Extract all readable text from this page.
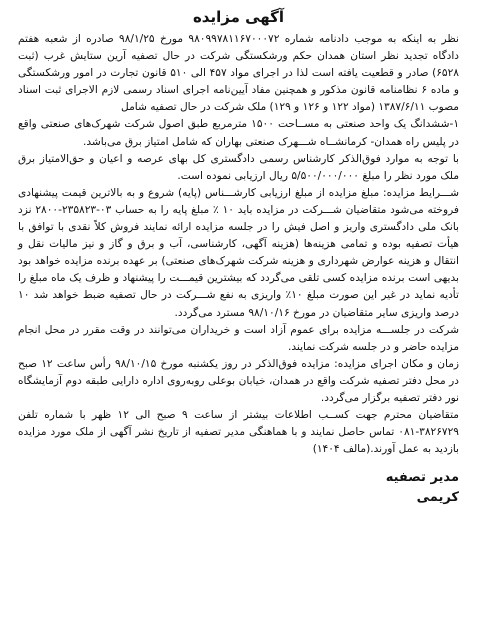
آگهی مزایده

نظر به اینکه به موجب دادنامه شماره ۹۸۰۹۹۷۸۱۱۶۷۰۰۰۷۲ مورخ ۹۸/۱/۲۵ صادره از شعبه هفتم دادگاه تجدید نظر استان همدان حکم ورشکستگی شرکت در حال تصفیه آرین ستایش غرب (ثبت ۶۵۲۸) صادر و قطعیت یافته است لذا در اجرای مواد ۴۵۷ الی ۵۱۰ قانون تجارت در امور ورشکستگی و ماده ۶ نظامنامه قانون مذکور و همچنین مفاد آیین‌نامه اجرای اسناد رسمی لازم الاجرای ثبت اسناد مصوب ۱۳۸۷/۶/۱۱ (مواد ۱۲۲ و ۱۲۶ و ۱۲۹) ملک شرکت در حال تصفیه شامل

۱-ششدانگ یک واحد صنعتی به مســاحت ۱۵۰۰ مترمربع طبق اصول شرکت شهرک‌های صنعتی واقع در پلیس راه همدان- کرمانشــاه شـــهرک صنعتی بهاران که شامل امتیاز برق می‌باشد.

با توجه به موارد فوق‌الذکر کارشناس رسمی دادگستری کل بهای عرصه و اعیان و حق‌الامتیاز برق ملک مورد نظر را مبلغ ۵/۵۰۰/۰۰۰/۰۰۰ ریال ارزیابی نموده است.

شـــرایط مزایده: مبلغ مزایده از مبلغ ارزیابی کارشـــناس (پایه) شروع و به بالاترین قیمت پیشنهادی فروخته می‌شود متقاضیان شـــرکت در مزایده باید ۱۰ ٪ مبلغ پایه را به حساب ۰۳-۲۳۵۸۲۳-۲۸۰۰ نزد بانک ملی دادگستری واریز و اصل فیش را در جلسه مزایده ارائه نمایند فروش کلاً نقدی با توافق با هیأت تصفیه بوده و تمامی هزینه‌ها (هزینه آگهی، کارشناسی، آب و برق و گاز و نیز مالیات نقل و انتقال و هزینه عوارض شهرداری و هزینه شرکت شهرک‌های صنعتی) بر عهده برنده مزایده خواهد بود بدیهی است برنده مزایده کسی تلقی می‌گردد که بیشترین قیمـــت را پیشنهاد و ظرف یک ماه مبلغ را تأدیه نماید در غیر این صورت مبلغ ۱۰٪ واریزی به نفع شـــرکت در حال تصفیه ضبط خواهد شد ۱۰ درصد واریزی سایر متقاضیان در مورخ ۹۸/۱۰/۱۶ مسترد می‌گردد.

شرکت در جلســـه مزایده برای عموم آزاد است و خریداران می‌توانند در وقت مقرر در محل انجام مزایده حاضر و در جلسه شرکت نمایند.

زمان و مکان اجرای مزایده: مزایده فوق‌الذکر در روز یکشنبه مورخ ۹۸/۱۰/۱۵ رأس ساعت ۱۲ صبح در محل دفتر تصفیه شرکت واقع در همدان، خیابان بوعلی روبه‌روی اداره دارایی طبقه دوم آزمایشگاه نور دفتر تصفیه برگزار می‌گردد.

متقاضیان محترم جهت کســب اطلاعات بیشتر از ساعت ۹ صبح الی ۱۲ ظهر با شماره تلفن ۳۸۲۶۷۲۹-۰۸۱ تماس حاصل نمایند و با هماهنگی مدیر تصفیه از تاریخ نشر آگهی از ملک مورد مزایده بازدید به عمل آورند.(مالف ۱۴۰۴)

مدیر تصفیه
کریمی
